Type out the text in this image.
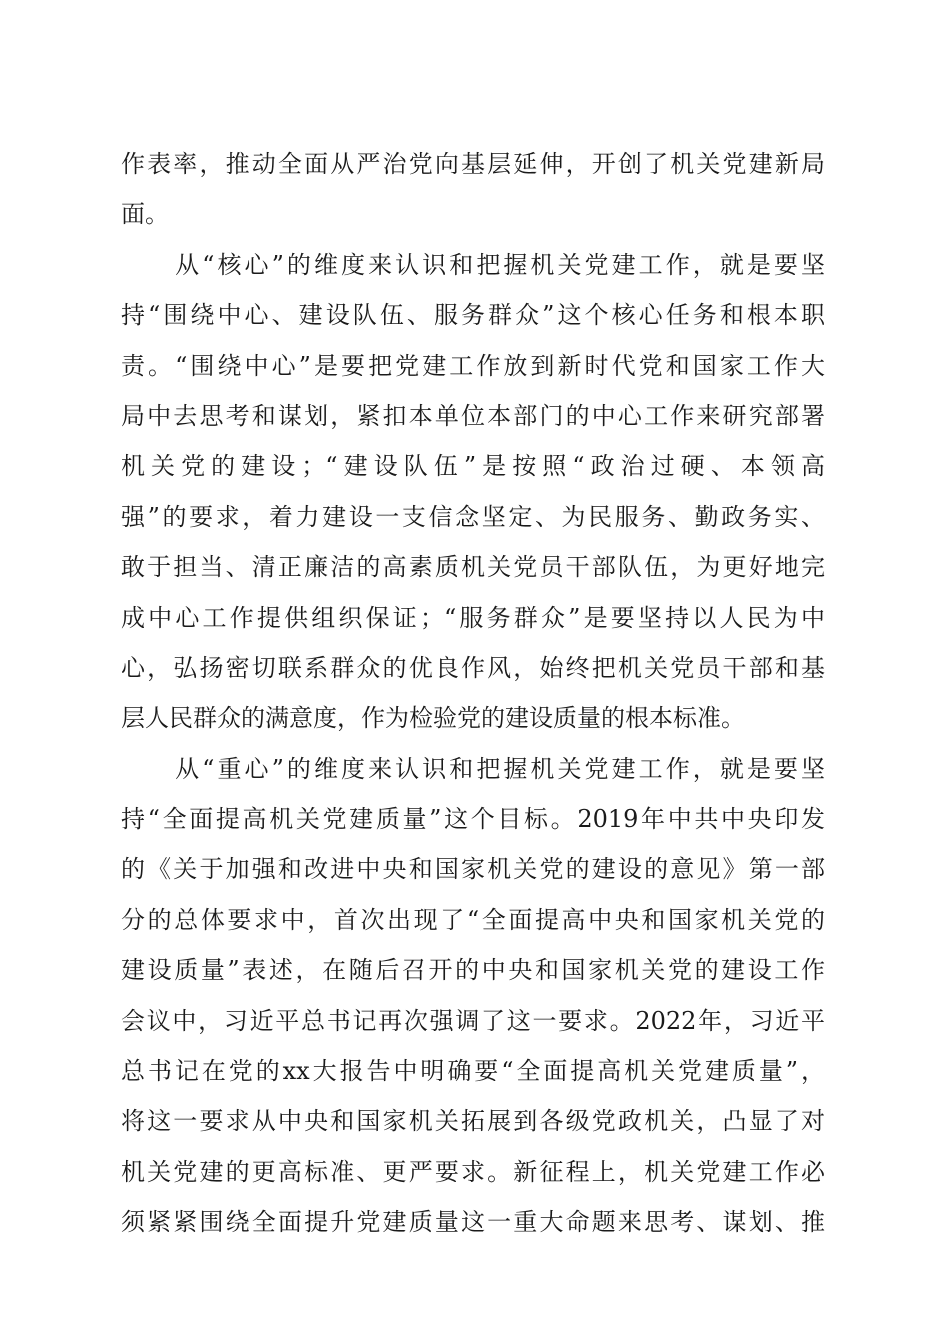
作表率，推动全面从严治党向基层延伸，开创了机关党建新局
面。
　　从“核心”的维度来认识和把握机关党建工作，就是要坚
持“围绕中心、建设队伍、服务群众”这个核心任务和根本职
责。“围绕中心”是要把党建工作放到新时代党和国家工作大
局中去思考和谋划，紧扣本单位本部门的中心工作来研究部署
机关党的建设；“建设队伍”是按照“政治过硬、本领高
强”的要求，着力建设一支信念坚定、为民服务、勤政务实、
敢于担当、清正廉洁的高素质机关党员干部队伍，为更好地完
成中心工作提供组织保证；“服务群众”是要坚持以人民为中
心，弘扬密切联系群众的优良作风，始终把机关党员干部和基
层人民群众的满意度，作为检验党的建设质量的根本标准。
　　从“重心”的维度来认识和把握机关党建工作，就是要坚
持“全面提高机关党建质量”这个目标。2019年中共中央印发
的《关于加强和改进中央和国家机关党的建设的意见》第一部
分的总体要求中，首次出现了“全面提高中央和国家机关党的
建设质量”表述，在随后召开的中央和国家机关党的建设工作
会议中，习近平总书记再次强调了这一要求。2022年，习近平
总书记在党的xx大报告中明确要“全面提高机关党建质量”，
将这一要求从中央和国家机关拓展到各级党政机关，凸显了对
机关党建的更高标准、更严要求。新征程上，机关党建工作必
须紧紧围绕全面提升党建质量这一重大命题来思考、谋划、推
